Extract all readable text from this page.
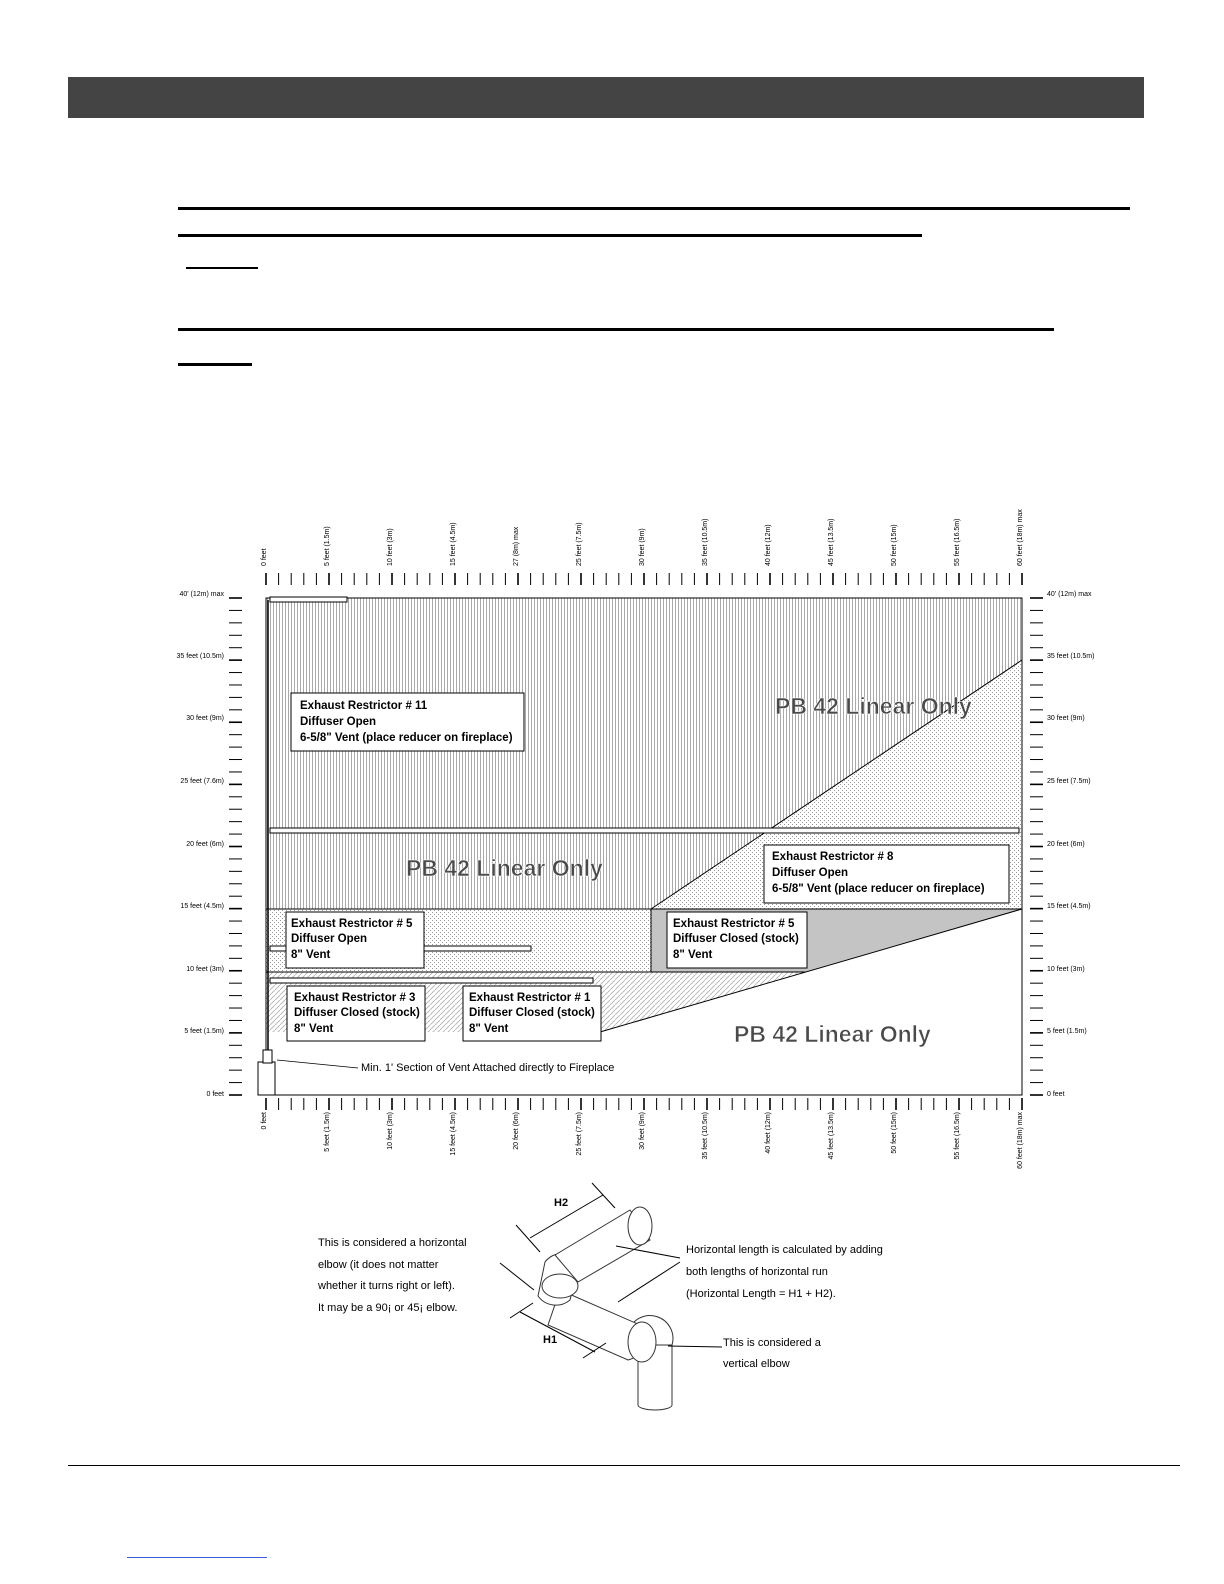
0 feet	5 feet (1.5m)	10 feet (3m)	15 feet (4.5m)	27 (8m) max	25 feet (7.5m)	30 feet (9m)	35 feet (10.5m)	40 feet (12m)	45 feet (13.5m)	50 feet (15m)	55 feet (16.5m)	60 feet (18m) max
0 feet	5 feet (1.5m)	10 feet (3m)	15 feet (4.5m)	20 feet (6m)	25 feet (7.5m)	30 feet (9m)	35 feet (10.5m)	40 feet (12m)	45 feet (13.5m)	50 feet (15m)	55 feet (16.5m)	60 feet (18m) max
40' (12m) max
35 feet (10.5m)
30 feet (9m)
25 feet (7.6m)
20 feet (6m)
15 feet (4.5m)
10 feet (3m)
5 feet (1.5m)
0 feet
40' (12m) max
35 feet (10.5m)
30 feet (9m)
25 feet (7.5m)
20 feet (6m)
15 feet (4.5m)
10 feet (3m)
5 feet (1.5m)
0 feet
PB 42 Linear Only
PB 42 Linear Only
PB 42 Linear Only
Exhaust Restrictor # 11
Diffuser Open
6-5/8" Vent (place reducer on fireplace)
Exhaust Restrictor # 8
Diffuser Open
6-5/8" Vent (place reducer on fireplace)
Exhaust Restrictor # 5
Diffuser Open
8" Vent
Exhaust Restrictor # 5
Diffuser Closed (stock)
8" Vent
Exhaust Restrictor # 3
Diffuser Closed (stock)
8" Vent
Exhaust Restrictor # 1
Diffuser Closed (stock)
8" Vent
Min. 1' Section of Vent Attached directly to Fireplace
H2
H1
This is considered a horizontal
elbow (it does not matter
whether it turns right or left).
It may be a 90¡ or 45¡ elbow.
Horizontal length is calculated by adding
both lengths of horizontal run
(Horizontal Length = H1 + H2).
This is considered a
vertical elbow
